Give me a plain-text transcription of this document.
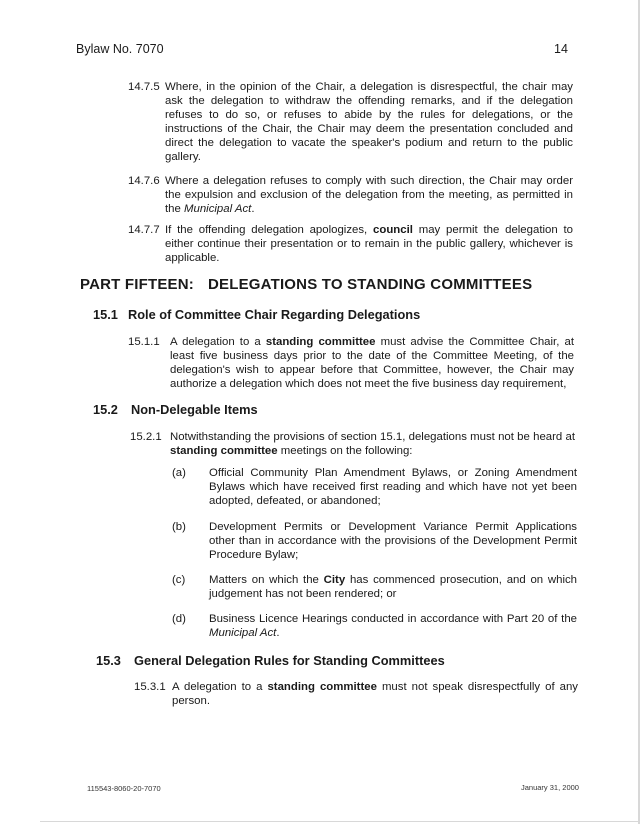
Bylaw No. 7070	14
14.7.5 Where, in the opinion of the Chair, a delegation is disrespectful, the chair may ask the delegation to withdraw the offending remarks, and if the delegation refuses to do so, or refuses to abide by the rules for delegations, or the instructions of the Chair, the Chair may deem the presentation concluded and direct the delegation to vacate the speaker's podium and return to the public gallery.
14.7.6 Where a delegation refuses to comply with such direction, the Chair may order the expulsion and exclusion of the delegation from the meeting, as permitted in the Municipal Act.
14.7.7 If the offending delegation apologizes, council may permit the delegation to either continue their presentation or to remain in the public gallery, whichever is applicable.
PART FIFTEEN: DELEGATIONS TO STANDING COMMITTEES
15.1 Role of Committee Chair Regarding Delegations
15.1.1 A delegation to a standing committee must advise the Committee Chair, at least five business days prior to the date of the Committee Meeting, of the delegation's wish to appear before that Committee, however, the Chair may authorize a delegation which does not meet the five business day requirement,
15.2 Non-Delegable Items
15.2.1 Notwithstanding the provisions of section 15.1, delegations must not be heard at standing committee meetings on the following:
(a) Official Community Plan Amendment Bylaws, or Zoning Amendment Bylaws which have received first reading and which have not yet been adopted, defeated, or abandoned;
(b) Development Permits or Development Variance Permit Applications other than in accordance with the provisions of the Development Permit Procedure Bylaw;
(c) Matters on which the City has commenced prosecution, and on which judgement has not been rendered; or
(d) Business Licence Hearings conducted in accordance with Part 20 of the Municipal Act.
15.3 General Delegation Rules for Standing Committees
15.3.1 A delegation to a standing committee must not speak disrespectfully of any person.
115543-8060-20-7070	January 31, 2000
